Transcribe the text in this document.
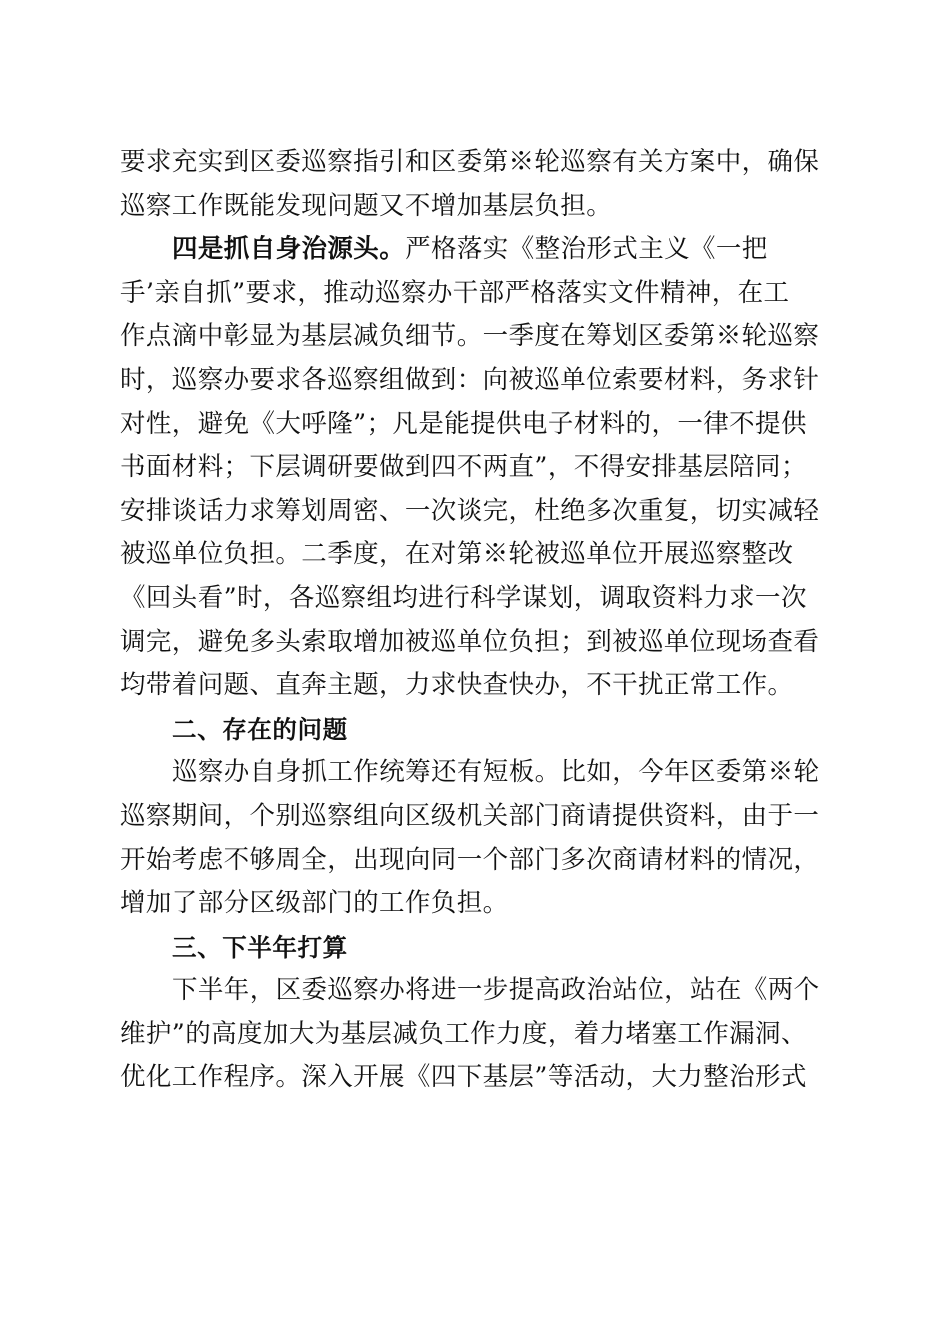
要求充实到区委巡察指引和区委第※轮巡察有关方案中，确保
巡察工作既能发现问题又不增加基层负担。

四是抓自身治源头。严格落实《整治形式主义《一把
手’亲自抓”要求，推动巡察办干部严格落实文件精神，在工
作点滴中彰显为基层减负细节。一季度在筹划区委第※轮巡察
时，巡察办要求各巡察组做到：向被巡单位索要材料，务求针
对性，避免《大呼隆”；凡是能提供电子材料的，一律不提供
书面材料；下层调研要做到四不两直”，不得安排基层陪同；
安排谈话力求筹划周密、一次谈完，杜绝多次重复，切实减轻
被巡单位负担。二季度，在对第※轮被巡单位开展巡察整改
《回头看”时，各巡察组均进行科学谋划，调取资料力求一次
调完，避免多头索取增加被巡单位负担；到被巡单位现场查看
均带着问题、直奔主题，力求快查快办，不干扰正常工作。

二、存在的问题

巡察办自身抓工作统筹还有短板。比如，今年区委第※轮
巡察期间，个别巡察组向区级机关部门商请提供资料，由于一
开始考虑不够周全，出现向同一个部门多次商请材料的情况，
增加了部分区级部门的工作负担。

三、下半年打算

下半年，区委巡察办将进一步提高政治站位，站在《两个
维护”的高度加大为基层减负工作力度，着力堵塞工作漏洞、
优化工作程序。深入开展《四下基层”等活动，大力整治形式
